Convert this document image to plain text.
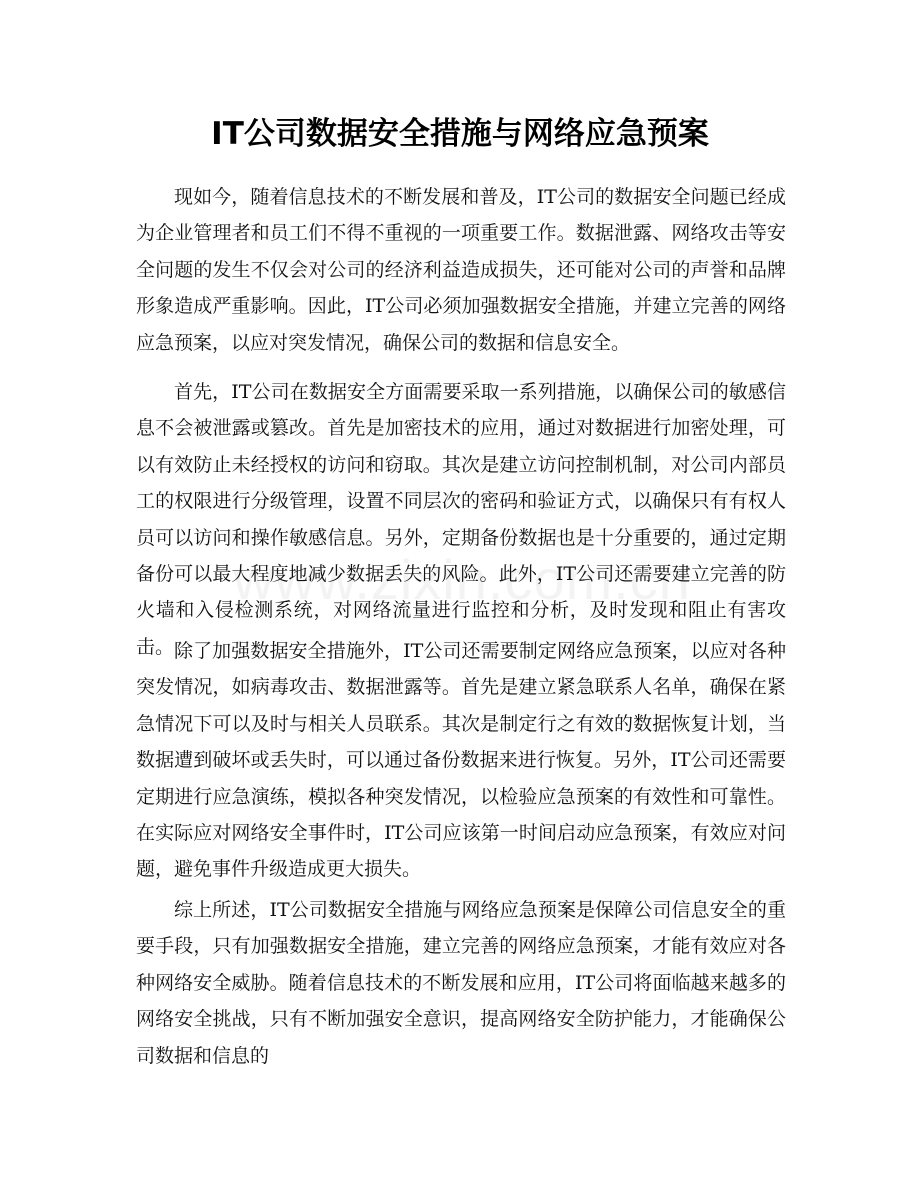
IT公司数据安全措施与网络应急预案

现如今，随着信息技术的不断发展和普及，IT公司的数据安全问题已经成为企业管理者和员工们不得不重视的一项重要工作。数据泄露、网络攻击等安全问题的发生不仅会对公司的经济利益造成损失，还可能对公司的声誉和品牌形象造成严重影响。因此，IT公司必须加强数据安全措施，并建立完善的网络应急预案，以应对突发情况，确保公司的数据和信息安全。

首先，IT公司在数据安全方面需要采取一系列措施，以确保公司的敏感信息不会被泄露或篡改。首先是加密技术的应用，通过对数据进行加密处理，可以有效防止未经授权的访问和窃取。其次是建立访问控制机制，对公司内部员工的权限进行分级管理，设置不同层次的密码和验证方式，以确保只有有权人员可以访问和操作敏感信息。另外，定期备份数据也是十分重要的，通过定期备份可以最大程度地减少数据丢失的风险。此外，IT公司还需要建立完善的防火墙和入侵检测系统，对网络流量进行监控和分析，及时发现和阻止有害攻击。 除了加强数据安全措施外，IT公司还需要制定网络应急预案，以应对各种突发情况，如病毒攻击、数据泄露等。首先是建立紧急联系人名单，确保在紧急情况下可以及时与相关人员联系。其次是制定行之有效的数据恢复计划，当数据遭到破坏或丢失时，可以通过备份数据来进行恢复。另外，IT公司还需要定期进行应急演练，模拟各种突发情况，以检验应急预案的有效性和可靠性。在实际应对网络安全事件时，IT公司应该第一时间启动应急预案，有效应对问题，避免事件升级造成更大损失。

综上所述，IT公司数据安全措施与网络应急预案是保障公司信息安全的重要手段，只有加强数据安全措施，建立完善的网络应急预案，才能有效应对各种网络安全威胁。随着信息技术的不断发展和应用，IT公司将面临越来越多的网络安全挑战，只有不断加强安全意识，提高网络安全防护能力，才能确保公司数据和信息的
